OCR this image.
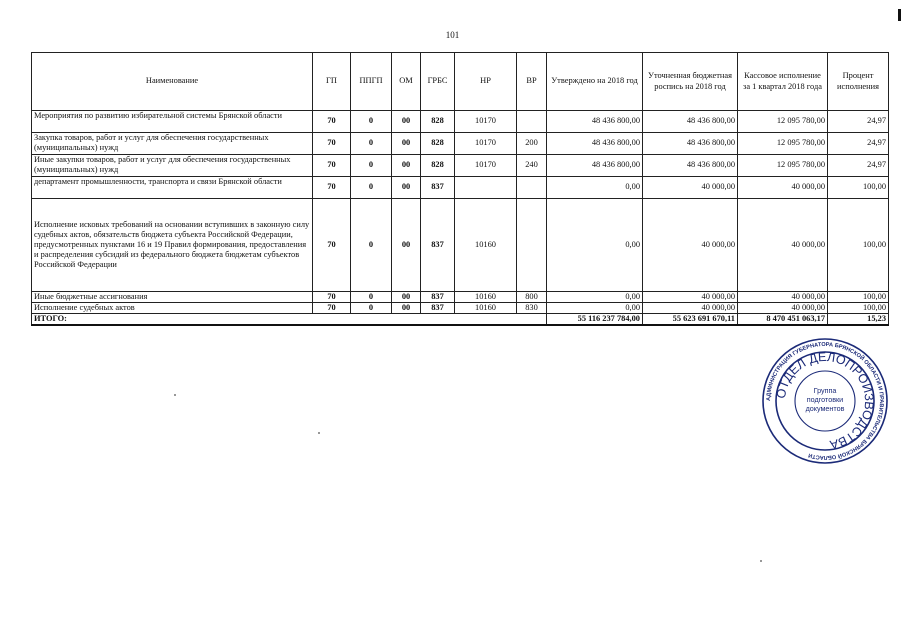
101
Наименование	ГП	ППГП	ОМ	ГРБС	НР	ВР	Утверждено на 2018 год	Уточненная бюджетная роспись на 2018 год	Кассовое исполнение за 1 квартал 2018 года	Процент исполнения
Мероприятия по развитию избирательной системы Брянской области	70	0	00	828	10170		48 436 800,00	48 436 800,00	12 095 780,00	24,97
Закупка товаров, работ и услуг для обеспечения государственных (муниципальных) нужд	70	0	00	828	10170	200	48 436 800,00	48 436 800,00	12 095 780,00	24,97
Иные закупки товаров, работ и услуг для обеспечения государственных (муниципальных) нужд	70	0	00	828	10170	240	48 436 800,00	48 436 800,00	12 095 780,00	24,97
департамент промышленности, транспорта и связи Брянской области	70	0	00	837			0,00	40 000,00	40 000,00	100,00
Исполнение исковых требований на основании вступивших в законную силу судебных актов, обязательств бюджета субъекта Российской Федерации, предусмотренных пунктами 16 и 19 Правил формирования, предоставления и распределения субсидий из федерального бюджета бюджетам субъектов Российской Федерации	70	0	00	837	10160		0,00	40 000,00	40 000,00	100,00
Иные бюджетные ассигнования	70	0	00	837	10160	800	0,00	40 000,00	40 000,00	100,00
Исполнение судебных актов	70	0	00	837	10160	830	0,00	40 000,00	40 000,00	100,00
ИТОГО:							55 116 237 784,00	55 623 691 670,11	8 470 451 063,17	15,23
АДМИНИСТРАЦИЯ ГУБЕРНАТОРА БРЯНСКОЙ ОБЛАСТИ И ПРАВИТЕЛЬСТВА БРЯНСКОЙ ОБЛАСТИ
ОТДЕЛ ДЕЛОПРОИЗВОДСТВА
Группа
подготовки
документов
